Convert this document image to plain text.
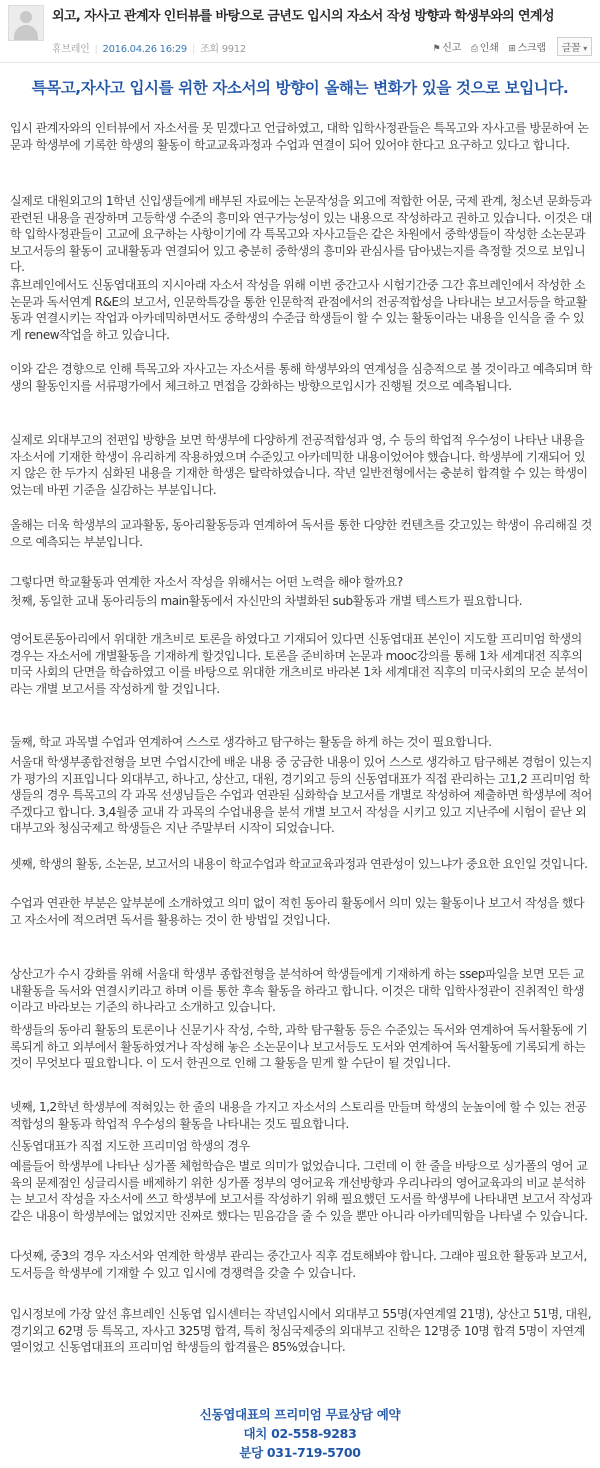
외고, 자사고 관계자 인터뷰를 바탕으로 금년도 입시의 자소서 작성 방향과 학생부와의 연계성
휴브레인 | 2016.04.26 16:29 | 조회 9912	⚑ 신고 ⎙ 인쇄 ⊞ 스크랩 글꼴 ▾
특목고,자사고 입시를 위한 자소서의 방향이 올해는 변화가 있을 것으로 보입니다.
입시 관계자와의 인터뷰에서 자소서를 못 믿겠다고 언급하였고, 대학 입학사정관들은 특목고와 자사고를 방문하여 논문과 학생부에 기록한 학생의 활동이 학교교육과정과 수업과 연결이 되어 있어야 한다고 요구하고 있다고 합니다.
실제로 대원외고의 1학년 신입생들에게 배부된 자료에는 논문작성을 외고에 적합한 어문, 국제 관계, 청소년 문화등과 관련된 내용을 권장하며 고등학생 수준의 흥미와 연구가능성이 있는 내용으로 작성하라고 권하고 있습니다. 이것은 대학 입학사정관들이 고교에 요구하는 사항이기에 각 특목고와 자사고들은 같은 차원에서 중학생들이 작성한 소논문과 보고서등의 활동이 교내활동과 연결되어 있고 충분히 중학생의 흥미와 관심사를 담아냈는지를 측정할 것으로 보입니다.
휴브레인에서도 신동엽대표의 지시아래 자소서 작성을 위해 이번 중간고사 시험기간중 그간 휴브레인에서 작성한 소논문과 독서연계 R&E의 보고서, 인문학특강을 통한 인문학적 관점에서의 전공적합성을 나타내는 보고서등을 학교활동과 연결시키는 작업과 아카데믹하면서도 중학생의 수준급 학생들이 할 수 있는 활동이라는 내용을 인식을 줄 수 있게 renew작업을 하고 있습니다.
이와 같은 경향으로 인해 특목고와 자사고는 자소서를 통해 학생부와의 연계성을 심층적으로 볼 것이라고 예측되며 학생의 활동인지를 서류평가에서 체크하고 면접을 강화하는 방향으로입시가 진행될 것으로 예측됩니다.
실제로 외대부고의 전편입 방향을 보면 학생부에 다양하게 전공적합성과 영, 수 등의 학업적 우수성이 나타난 내용을 자소서에 기재한 학생이 유리하게 작용하였으며 수준있고 아카데믹한 내용이었어야 했습니다. 학생부에 기재되어 있지 않은 한 두가지 심화된 내용을 기재한 학생은 탈락하였습니다. 작년 일반전형에서는 충분히 합격할 수 있는 학생이었는데 바뀐 기준을 실감하는 부분입니다.
올해는 더욱 학생부의 교과활동, 동아리활동등과 연계하여 독서를 통한 다양한 컨텐츠를 갖고있는 학생이 유리해질 것으로 예측되는 부분입니다.
그렇다면 학교활동과 연계한 자소서 작성을 위해서는 어떤 노력을 해야 할까요?
첫째, 동일한 교내 동아리등의 main활동에서 자신만의 차별화된 sub활동과 개별 텍스트가 필요합니다.
영어토론동아리에서 위대한 개츠비로 토론을 하였다고 기재되어 있다면 신동엽대표 본인이 지도할 프리미엄 학생의 경우는 자소서에 개별활동을 기재하게 할것입니다. 토론을 준비하며 논문과 mooc강의를 통해 1차 세계대전 직후의 미국 사회의 단면을 학습하였고 이를 바탕으로 위대한 개츠비로 바라본 1차 세계대전 직후의 미국사회의 모순 분석이라는 개별 보고서를 작성하게 할 것입니다.
둘째, 학교 과목별 수업과 연계하여 스스로 생각하고 탐구하는 활동을 하게 하는 것이 필요합니다.
서울대 학생부종합전형을 보면 수업시간에 배운 내용 중 궁금한 내용이 있어 스스로 생각하고 탐구해본 경험이 있는지가 평가의 지표입니다 외대부고, 하나고, 상산고, 대원, 경기외고 등의 신동엽대표가 직접 관리하는 고1,2 프리미엄 학생들의 경우 특목고의 각 과목 선생님들은 수업과 연관된 심화학습 보고서를 개별로 작성하여 제출하면 학생부에 적어주겠다고 합니다. 3,4월중 교내 각 과목의 수업내용을 분석 개별 보고서 작성을 시키고 있고 지난주에 시험이 끝난 외대부고와 청심국제고 학생들은 지난 주말부터 시작이 되었습니다.
셋째, 학생의 활동, 소논문, 보고서의 내용이 학교수업과 학교교육과정과 연관성이 있느냐가 중요한 요인일 것입니다.
수업과 연관한 부분은 앞부분에 소개하였고 의미 없이 적힌 동아리 활동에서 의미 있는 활동이나 보고서 작성을 했다고 자소서에 적으려면 독서를 활용하는 것이 한 방법일 것입니다.
상산고가 수시 강화를 위해 서울대 학생부 종합전형을 분석하여 학생들에게 기재하게 하는 ssep파일을 보면 모든 교내활동을 독서와 연결시키라고 하며 이를 통한 후속 활동을 하라고 합니다. 이것은 대학 입학사정관이 진취적인 학생이라고 바라보는 기준의 하나라고 소개하고 있습니다.
학생들의 동아리 활동의 토론이나 신문기사 작성, 수학, 과학 탐구활동 등은 수준있는 독서와 연계하여 독서활동에 기록되게 하고 외부에서 활동하였거나 작성해 놓은 소논문이나 보고서등도 도서와 연계하여 독서활동에 기록되게 하는 것이 무엇보다 필요합니다. 이 도서 한권으로 인해 그 활동을 믿게 할 수단이 될 것입니다.
넷째, 1,2학년 학생부에 적혀있는 한 줄의 내용을 가지고 자소서의 스토리를 만들며 학생의 눈높이에 할 수 있는 전공적합성의 활동과 학업적 우수성의 활동을 나타내는 것도 필요합니다.
신동엽대표가 직접 지도한 프리미엄 학생의 경우
예를들어 학생부에 나타난 싱가폴 체험학습은 별로 의미가 없었습니다. 그런데 이 한 줄을 바탕으로 싱가폴의 영어 교육의 문제점인 싱글리시를 배제하기 위한 싱가폴 정부의 영어교육 개선방향과 우리나라의 영어교육과의 비교 분석하는 보고서 작성을 자소서에 쓰고 학생부에 보고서를 작성하기 위해 필요했던 도서를 학생부에 나타내면 보고서 작성과 같은 내용이 학생부에는 없었지만 진짜로 했다는 믿음감을 줄 수 있을 뿐만 아니라 아카데믹함을 나타낼 수 있습니다.
다섯째, 중3의 경우 자소서와 연계한 학생부 관리는 중간고사 직후 검토해봐야 합니다. 그래야 필요한 활동과 보고서, 도서등을 학생부에 기재할 수 있고 입시에 경쟁력을 갖출 수 있습니다.
입시정보에 가장 앞선 휴브레인 신동엽 입시센터는 작년입시에서 외대부고 55명(자연계열 21명), 상산고 51명, 대원, 경기외고 62명 등 특목고, 자사고 325명 합격, 특히 청심국제중의 외대부고 진학은 12명중 10명 합격 5명이 자연계열이었고 신동엽대표의 프리미엄 학생들의 합격률은 85%였습니다.
신동엽대표의 프리미엄 무료상담 예약
대치 02-558-9283
분당 031-719-5700
